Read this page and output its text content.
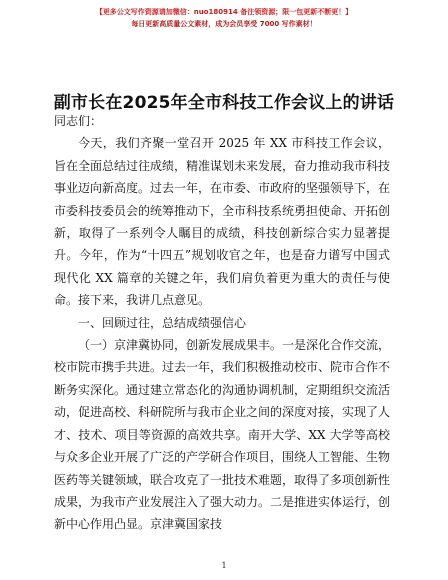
【更多公文写作资源请加微信：nuo180914 备注领资源；限一包更新不断更！】
每日更新高质量公文素材，成为会员享受 7000 写作素材！
副市长在2025年全市科技工作会议上的讲话

同志们：

今天，我们齐聚一堂召开 2025 年 XX 市科技工作会议，旨在全面总结过往成绩，精准谋划未来发展，奋力推动我市科技事业迈向新高度。过去一年，在市委、市政府的坚强领导下，在市委科技委员会的统筹推动下，全市科技系统勇担使命、开拓创新，取得了一系列令人瞩目的成绩，科技创新综合实力显著提升。今年，作为“十四五”规划收官之年，也是奋力谱写中国式现代化 XX 篇章的关键之年，我们肩负着更为重大的责任与使命。接下来，我讲几点意见。

一、回顾过往，总结成绩强信心

（一）京津冀协同，创新发展成果丰。一是深化合作交流，校市院市携手共进。过去一年，我们积极推动校市、院市合作不断务实深化。通过建立常态化的沟通协调机制，定期组织交流活动，促进高校、科研院所与我市企业之间的深度对接，实现了人才、技术、项目等资源的高效共享。南开大学、XX 大学等高校与众多企业开展了广泛的产学研合作项目，围绕人工智能、生物医药等关键领域，联合攻克了一批技术难题，取得了多项创新性成果，为我市产业发展注入了强大动力。二是推进实体运行，创新中心作用凸显。京津冀国家技

1
